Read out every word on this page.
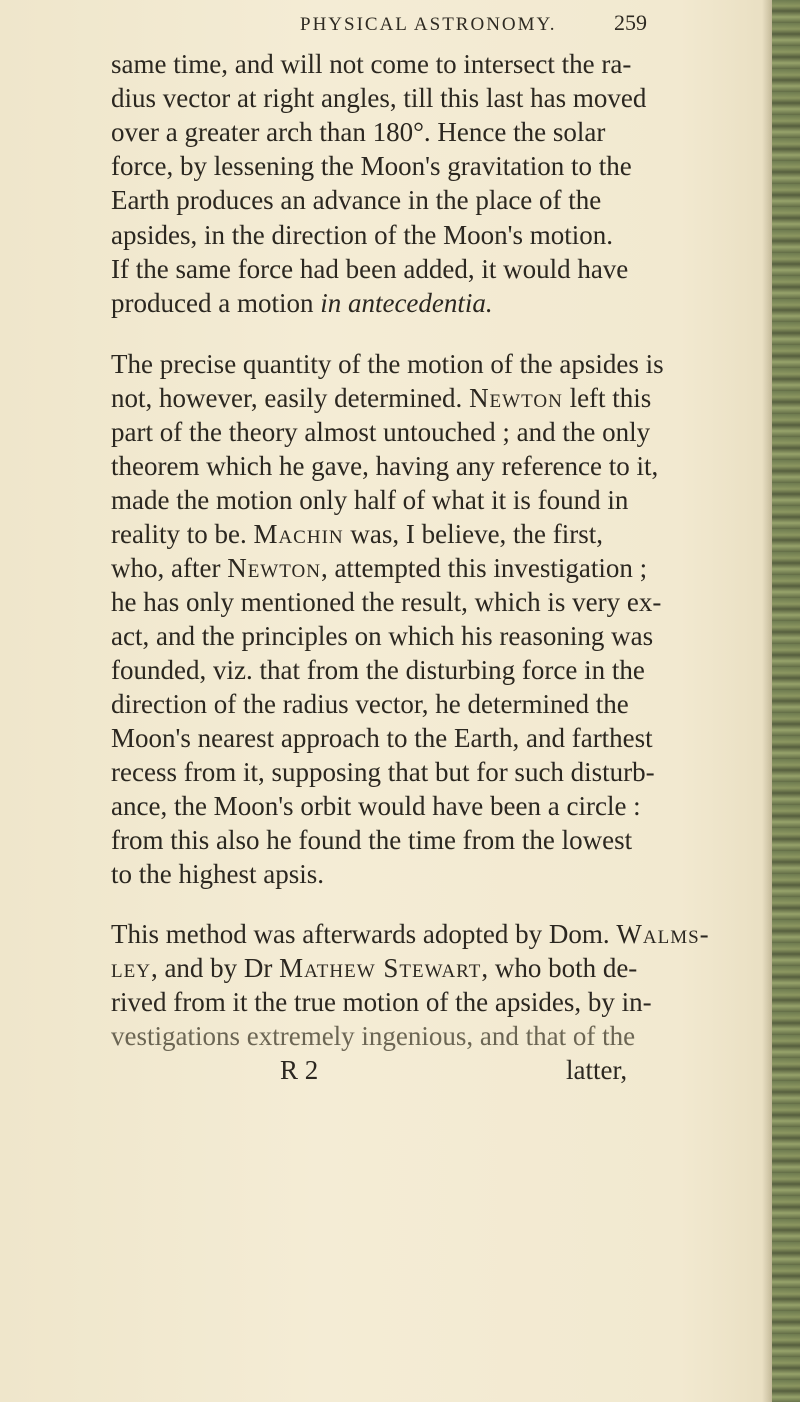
PHYSICAL ASTRONOMY.	259
same time, and will not come to intersect the ra-
dius vector at right angles, till this last has moved
over a greater arch than 180°. Hence the solar
force, by lessening the Moon's gravitation to the
Earth produces an advance in the place of the
apsides, in the direction of the Moon's motion.
If the same force had been added, it would have
produced a motion in antecedentia.
The precise quantity of the motion of the apsides is
not, however, easily determined. Newton left this
part of the theory almost untouched ; and the only
theorem which he gave, having any reference to it,
made the motion only half of what it is found in
reality to be. Machin was, I believe, the first,
who, after Newton, attempted this investigation ;
he has only mentioned the result, which is very ex-
act, and the principles on which his reasoning was
founded, viz. that from the disturbing force in the
direction of the radius vector, he determined the
Moon's nearest approach to the Earth, and farthest
recess from it, supposing that but for such disturb-
ance, the Moon's orbit would have been a circle :
from this also he found the time from the lowest
to the highest apsis.
This method was afterwards adopted by Dom. Walms-
ley, and by Dr Mathew Stewart, who both de-
rived from it the true motion of the apsides, by in-
vestigations extremely ingenious, and that of the
R 2	latter,
